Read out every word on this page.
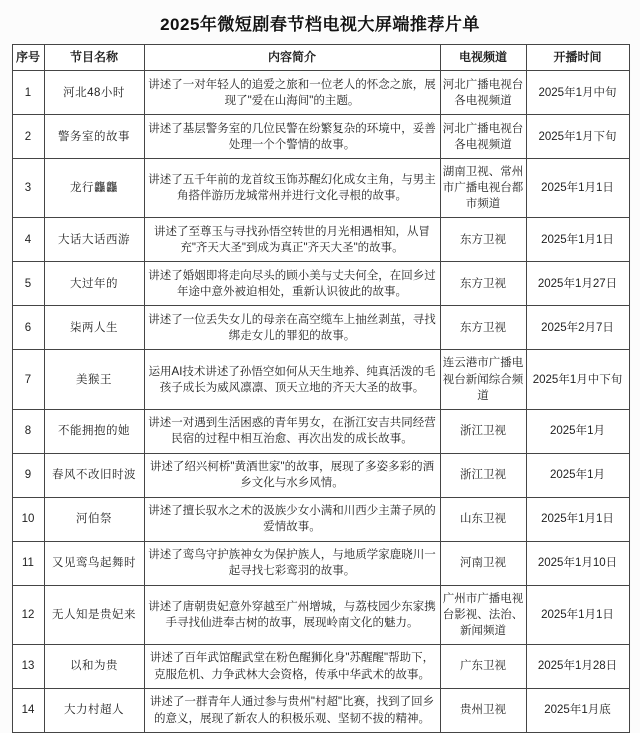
2025年微短剧春节档电视大屏端推荐片单
序号	节目名称	内容简介	电视频道	开播时间
1	河北48小时	讲述了一对年轻人的追爱之旅和一位老人的怀念之旅，展现了"爱在山海间"的主题。	河北广播电视台各电视频道	2025年1月中旬
2	警务室的故事	讲述了基层警务室的几位民警在纷繁复杂的环境中，妥善处理一个个警情的故事。	河北广播电视台各电视频道	2025年1月下旬
3	龙行龘龘	讲述了五千年前的龙首纹玉饰苏醒幻化成女主角，与男主角搭伴游历龙城常州并进行文化寻根的故事。	湖南卫视、常州市广播电视台都市频道	2025年1月1日
4	大话大话西游	讲述了至尊玉与寻找孙悟空转世的月光相遇相知，从冒充"齐天大圣"到成为真正"齐天大圣"的故事。	东方卫视	2025年1月1日
5	大过年的	讲述了婚姻即将走向尽头的顾小美与丈夫何全，在回乡过年途中意外被迫相处，重新认识彼此的故事。	东方卫视	2025年1月27日
6	柒两人生	讲述了一位丢失女儿的母亲在高空缆车上抽丝剥茧，寻找绑走女儿的罪犯的故事。	东方卫视	2025年2月7日
7	美猴王	运用AI技术讲述了孙悟空如何从天生地养、纯真活泼的毛孩子成长为威风凛凛、顶天立地的齐天大圣的故事。	连云港市广播电视台新闻综合频道	2025年1月中下旬
8	不能拥抱的她	讲述一对遇到生活困惑的青年男女，在浙江安吉共同经营民宿的过程中相互治愈、再次出发的成长故事。	浙江卫视	2025年1月
9	春风不改旧时波	讲述了绍兴柯桥"黄酒世家"的故事，展现了多姿多彩的酒乡文化与水乡风情。	浙江卫视	2025年1月
10	河伯祭	讲述了擅长驭水之术的汲族少女小满和川西少主萧子夙的爱情故事。	山东卫视	2025年1月1日
11	又见鸾鸟起舞时	讲述了鸾鸟守护族神女为保护族人，与地质学家鹿晓川一起寻找七彩鸾羽的故事。	河南卫视	2025年1月10日
12	无人知是贵妃来	讲述了唐朝贵妃意外穿越至广州增城，与荔枝园少东家携手寻找仙进奉古树的故事，展现岭南文化的魅力。	广州市广播电视台影视、法治、新闻频道	2025年1月1日
13	以和为贵	讲述了百年武馆醒武堂在粉色醒狮化身"苏醒醒"帮助下，克服危机、力争武林大会资格，传承中华武术的故事。	广东卫视	2025年1月28日
14	大力村超人	讲述了一群青年人通过参与贵州"村超"比赛，找到了回乡的意义，展现了新农人的积极乐观、坚韧不拔的精神。	贵州卫视	2025年1月底
